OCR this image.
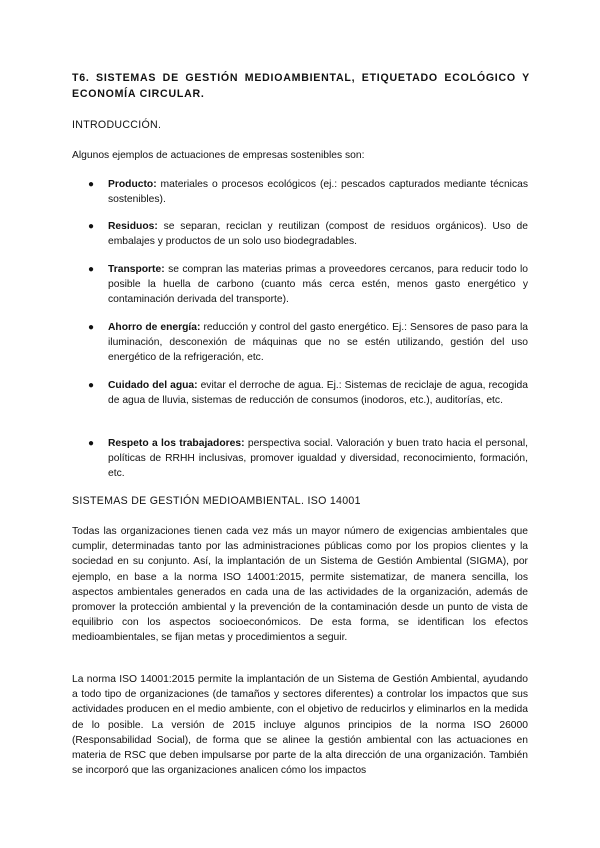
T6. SISTEMAS DE GESTIÓN MEDIOAMBIENTAL, ETIQUETADO ECOLÓGICO Y ECONOMÍA CIRCULAR.

INTRODUCCIÓN.

Algunos ejemplos de actuaciones de empresas sostenibles son:

● Producto: materiales o procesos ecológicos (ej.: pescados capturados mediante técnicas sostenibles).
● Residuos: se separan, reciclan y reutilizan (compost de residuos orgánicos). Uso de embalajes y productos de un solo uso biodegradables.
● Transporte: se compran las materias primas a proveedores cercanos, para reducir todo lo posible la huella de carbono (cuanto más cerca estén, menos gasto energético y contaminación derivada del transporte).
● Ahorro de energía: reducción y control del gasto energético. Ej.: Sensores de paso para la iluminación, desconexión de máquinas que no se estén utilizando, gestión del uso energético de la refrigeración, etc.
● Cuidado del agua: evitar el derroche de agua. Ej.: Sistemas de reciclaje de agua, recogida de agua de lluvia, sistemas de reducción de consumos (inodoros, etc.), auditorías, etc.
● Respeto a los trabajadores: perspectiva social. Valoración y buen trato hacia el personal, políticas de RRHH inclusivas, promover igualdad y diversidad, reconocimiento, formación, etc.

SISTEMAS DE GESTIÓN MEDIOAMBIENTAL. ISO 14001

Todas las organizaciones tienen cada vez más un mayor número de exigencias ambientales que cumplir, determinadas tanto por las administraciones públicas como por los propios clientes y la sociedad en su conjunto. Así, la implantación de un Sistema de Gestión Ambiental (SIGMA), por ejemplo, en base a la norma ISO 14001:2015, permite sistematizar, de manera sencilla, los aspectos ambientales generados en cada una de las actividades de la organización, además de promover la protección ambiental y la prevención de la contaminación desde un punto de vista de equilibrio con los aspectos socioeconómicos. De esta forma, se identifican los efectos medioambientales, se fijan metas y procedimientos a seguir.

La norma ISO 14001:2015 permite la implantación de un Sistema de Gestión Ambiental, ayudando a todo tipo de organizaciones (de tamaños y sectores diferentes) a controlar los impactos que sus actividades producen en el medio ambiente, con el objetivo de reducirlos y eliminarlos en la medida de lo posible. La versión de 2015 incluye algunos principios de la norma ISO 26000 (Responsabilidad Social), de forma que se alinee la gestión ambiental con las actuaciones en materia de RSC que deben impulsarse por parte de la alta dirección de una organización. También se incorporó que las organizaciones analicen cómo los impactos
